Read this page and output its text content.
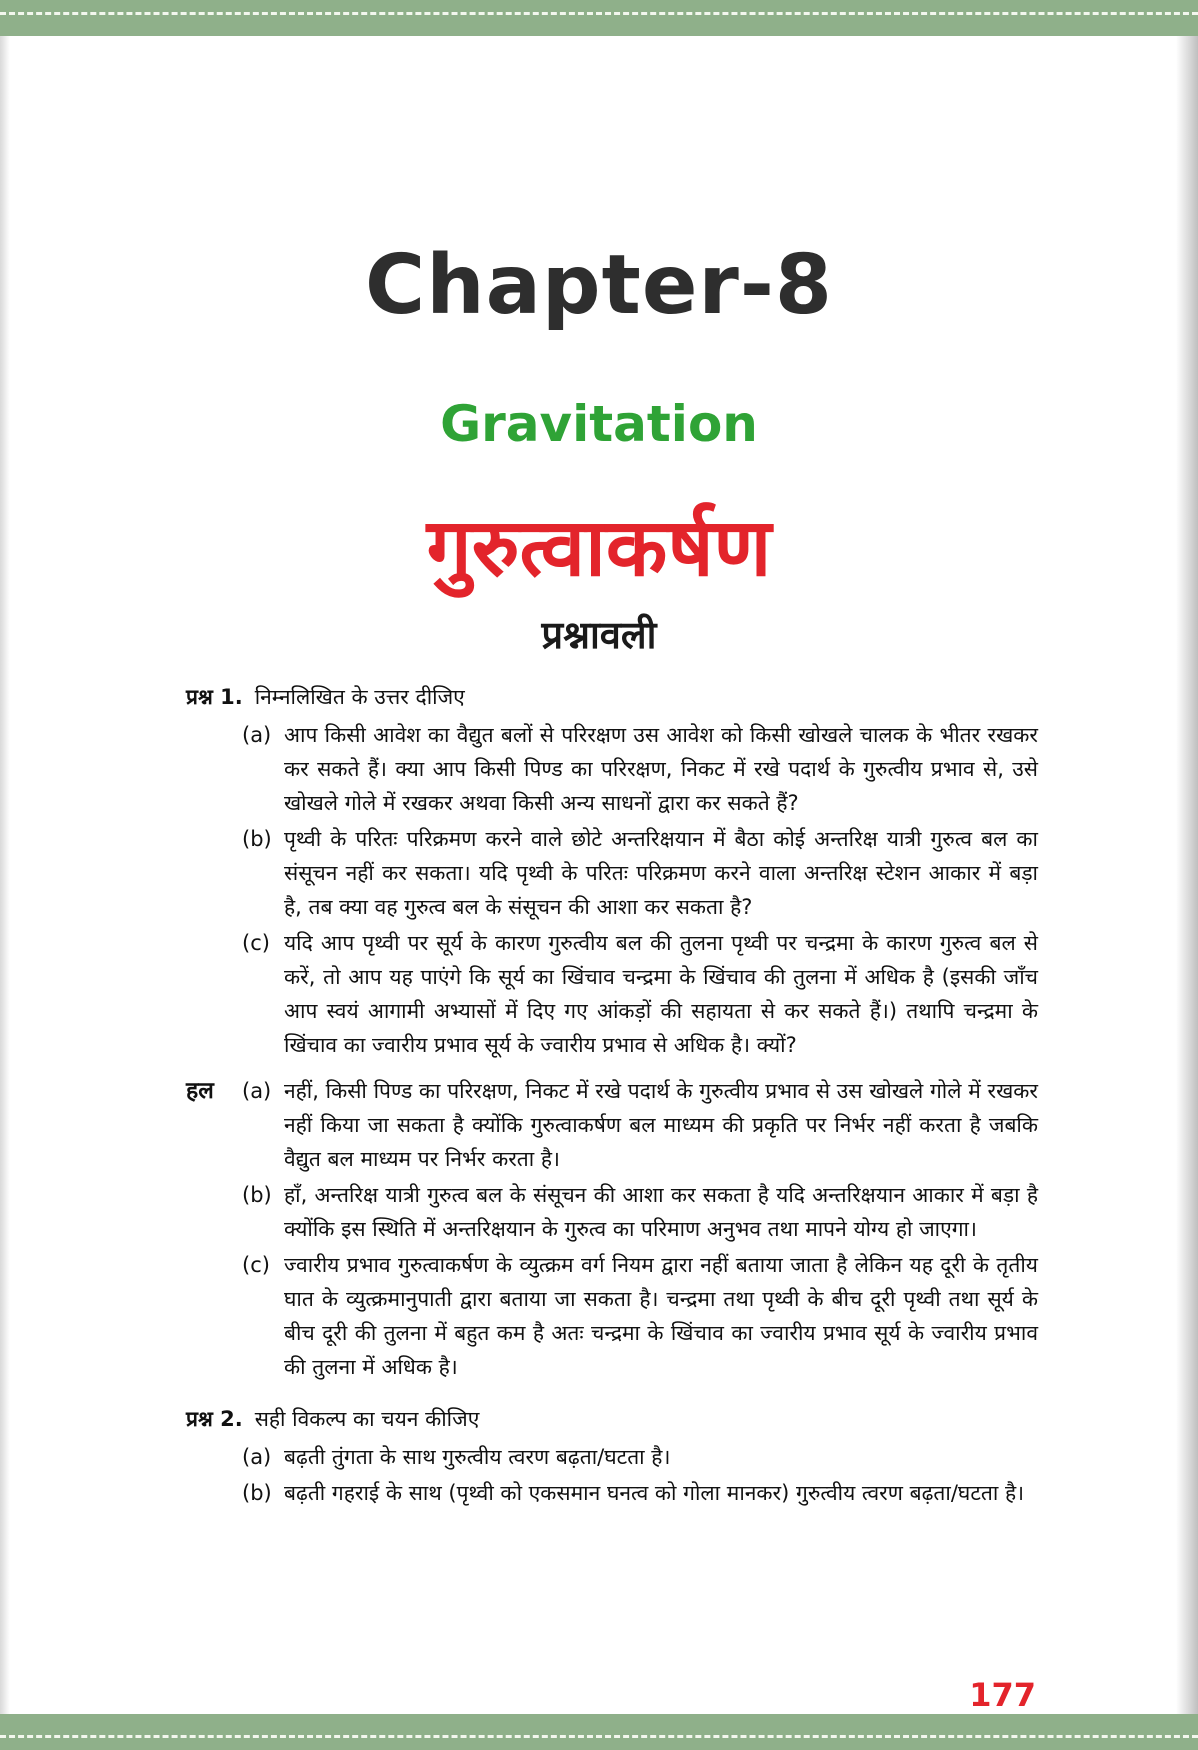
Chapter-8
Gravitation
गुरुत्वाकर्षण
प्रश्नावली
प्रश्न 1. निम्नलिखित के उत्तर दीजिए
(a) आप किसी आवेश का वैद्युत बलों से परिरक्षण उस आवेश को किसी खोखले चालक के भीतर रखकर कर सकते हैं। क्या आप किसी पिण्ड का परिरक्षण, निकट में रखे पदार्थ के गुरुत्वीय प्रभाव से, उसे खोखले गोले में रखकर अथवा किसी अन्य साधनों द्वारा कर सकते हैं?
(b) पृथ्वी के परितः परिक्रमण करने वाले छोटे अन्तरिक्षयान में बैठा कोई अन्तरिक्ष यात्री गुरुत्व बल का संसूचन नहीं कर सकता। यदि पृथ्वी के परितः परिक्रमण करने वाला अन्तरिक्ष स्टेशन आकार में बड़ा है, तब क्या वह गुरुत्व बल के संसूचन की आशा कर सकता है?
(c) यदि आप पृथ्वी पर सूर्य के कारण गुरुत्वीय बल की तुलना पृथ्वी पर चन्द्रमा के कारण गुरुत्व बल से करें, तो आप यह पाएंगे कि सूर्य का खिंचाव चन्द्रमा के खिंचाव की तुलना में अधिक है (इसकी जाँच आप स्वयं आगामी अभ्यासों में दिए गए आंकड़ों की सहायता से कर सकते हैं।) तथापि चन्द्रमा के खिंचाव का ज्वारीय प्रभाव सूर्य के ज्वारीय प्रभाव से अधिक है। क्यों?
हल (a) नहीं, किसी पिण्ड का परिरक्षण, निकट में रखे पदार्थ के गुरुत्वीय प्रभाव से उस खोखले गोले में रखकर नहीं किया जा सकता है क्योंकि गुरुत्वाकर्षण बल माध्यम की प्रकृति पर निर्भर नहीं करता है जबकि वैद्युत बल माध्यम पर निर्भर करता है।
(b) हाँ, अन्तरिक्ष यात्री गुरुत्व बल के संसूचन की आशा कर सकता है यदि अन्तरिक्षयान आकार में बड़ा है क्योंकि इस स्थिति में अन्तरिक्षयान के गुरुत्व का परिमाण अनुभव तथा मापने योग्य हो जाएगा।
(c) ज्वारीय प्रभाव गुरुत्वाकर्षण के व्युत्क्रम वर्ग नियम द्वारा नहीं बताया जाता है लेकिन यह दूरी के तृतीय घात के व्युत्क्रमानुपाती द्वारा बताया जा सकता है। चन्द्रमा तथा पृथ्वी के बीच दूरी पृथ्वी तथा सूर्य के बीच दूरी की तुलना में बहुत कम है अतः चन्द्रमा के खिंचाव का ज्वारीय प्रभाव सूर्य के ज्वारीय प्रभाव की तुलना में अधिक है।
प्रश्न 2. सही विकल्प का चयन कीजिए
(a) बढ़ती तुंगता के साथ गुरुत्वीय त्वरण बढ़ता/घटता है।
(b) बढ़ती गहराई के साथ (पृथ्वी को एकसमान घनत्व को गोला मानकर) गुरुत्वीय त्वरण बढ़ता/घटता है।
177
